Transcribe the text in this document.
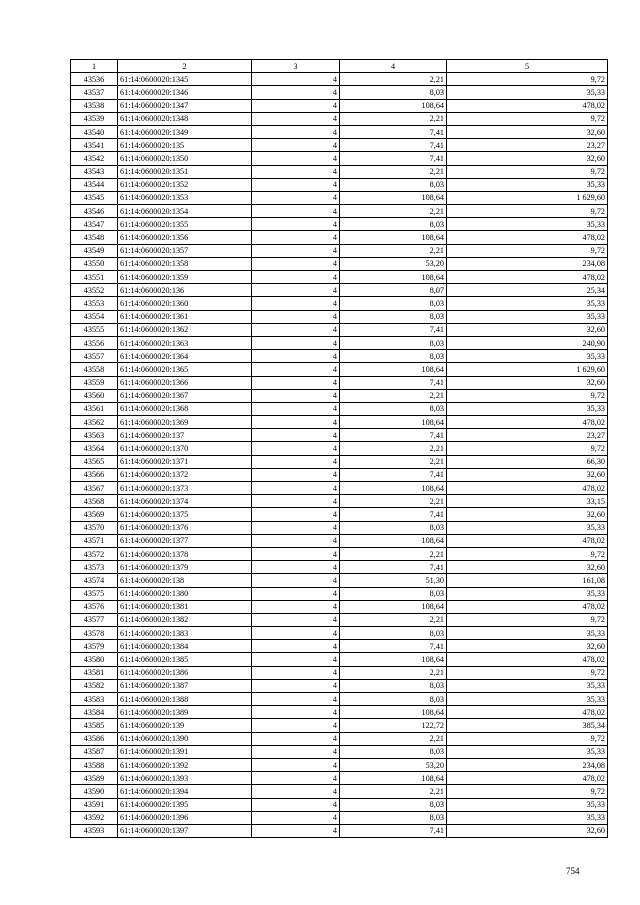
1	2	3	4	5
43536	61:14:0600020:1345	4	2,21	9,72
43537	61:14:0600020:1346	4	8,03	35,33
43538	61:14:0600020:1347	4	108,64	478,02
43539	61:14:0600020:1348	4	2,21	9,72
43540	61:14:0600020:1349	4	7,41	32,60
43541	61:14:0600020:135	4	7,41	23,27
43542	61:14:0600020:1350	4	7,41	32,60
43543	61:14:0600020:1351	4	2,21	9,72
43544	61:14:0600020:1352	4	8,03	35,33
43545	61:14:0600020:1353	4	108,64	1 629,60
43546	61:14:0600020:1354	4	2,21	9,72
43547	61:14:0600020:1355	4	8,03	35,33
43548	61:14:0600020:1356	4	108,64	478,02
43549	61:14:0600020:1357	4	2,21	9,72
43550	61:14:0600020:1358	4	53,20	234,08
43551	61:14:0600020:1359	4	108,64	478,02
43552	61:14:0600020:136	4	8,07	25,34
43553	61:14:0600020:1360	4	8,03	35,33
43554	61:14:0600020:1361	4	8,03	35,33
43555	61:14:0600020:1362	4	7,41	32,60
43556	61:14:0600020:1363	4	8,03	240,90
43557	61:14:0600020:1364	4	8,03	35,33
43558	61:14:0600020:1365	4	108,64	1 629,60
43559	61:14:0600020:1366	4	7,41	32,60
43560	61:14:0600020:1367	4	2,21	9,72
43561	61:14:0600020:1368	4	8,03	35,33
43562	61:14:0600020:1369	4	108,64	478,02
43563	61:14:0600020:137	4	7,41	23,27
43564	61:14:0600020:1370	4	2,21	9,72
43565	61:14:0600020:1371	4	2,21	66,30
43566	61:14:0600020:1372	4	7,41	32,60
43567	61:14:0600020:1373	4	108,64	478,02
43568	61:14:0600020:1374	4	2,21	33,15
43569	61:14:0600020:1375	4	7,41	32,60
43570	61:14:0600020:1376	4	8,03	35,33
43571	61:14:0600020:1377	4	108,64	478,02
43572	61:14:0600020:1378	4	2,21	9,72
43573	61:14:0600020:1379	4	7,41	32,60
43574	61:14:0600020:138	4	51,30	161,08
43575	61:14:0600020:1380	4	8,03	35,33
43576	61:14:0600020:1381	4	108,64	478,02
43577	61:14:0600020:1382	4	2,21	9,72
43578	61:14:0600020:1383	4	8,03	35,33
43579	61:14:0600020:1384	4	7,41	32,60
43580	61:14:0600020:1385	4	108,64	478,02
43581	61:14:0600020:1386	4	2,21	9,72
43582	61:14:0600020:1387	4	8,03	35,33
43583	61:14:0600020:1388	4	8,03	35,33
43584	61:14:0600020:1389	4	108,64	478,02
43585	61:14:0600020:139	4	122,72	385,34
43586	61:14:0600020:1390	4	2,21	9,72
43587	61:14:0600020:1391	4	8,03	35,33
43588	61:14:0600020:1392	4	53,20	234,08
43589	61:14:0600020:1393	4	108,64	478,02
43590	61:14:0600020:1394	4	2,21	9,72
43591	61:14:0600020:1395	4	8,03	35,33
43592	61:14:0600020:1396	4	8,03	35,33
43593	61:14:0600020:1397	4	7,41	32,60
754
